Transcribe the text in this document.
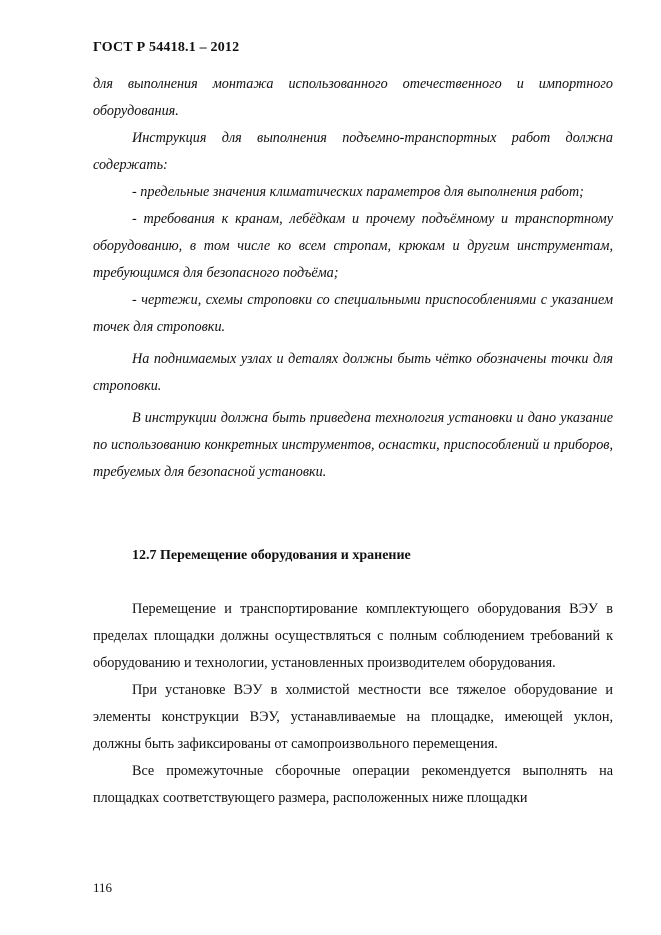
ГОСТ Р 54418.1 – 2012

для выполнения монтажа использованного отечественного и импортного оборудования.

Инструкция для выполнения подъемно-транспортных работ должна содержать:

- предельные значения климатических параметров для выполнения работ;

- требования к кранам, лебёдкам и прочему подъёмному и транспортному оборудованию, в том числе ко всем стропам, крюкам и другим инструментам, требующимся для безопасного подъёма;

- чертежи, схемы строповки со специальными приспособлениями с указанием точек для строповки.

На поднимаемых узлах и деталях должны быть чётко обозначены точки для строповки.

В инструкции должна быть приведена технология установки и дано указание по использованию конкретных инструментов, оснастки, приспособлений и приборов, требуемых для безопасной установки.

12.7 Перемещение оборудования и хранение

Перемещение и транспортирование комплектующего оборудования ВЭУ в пределах площадки должны осуществляться с полным соблюдением требований к оборудованию и технологии, установленных производителем оборудования.

При установке ВЭУ в холмистой местности все тяжелое оборудование и элементы конструкции ВЭУ, устанавливаемые на площадке, имеющей уклон, должны быть зафиксированы от самопроизвольного перемещения.

Все промежуточные сборочные операции рекомендуется выполнять на площадках соответствующего размера, расположенных ниже площадки

116
